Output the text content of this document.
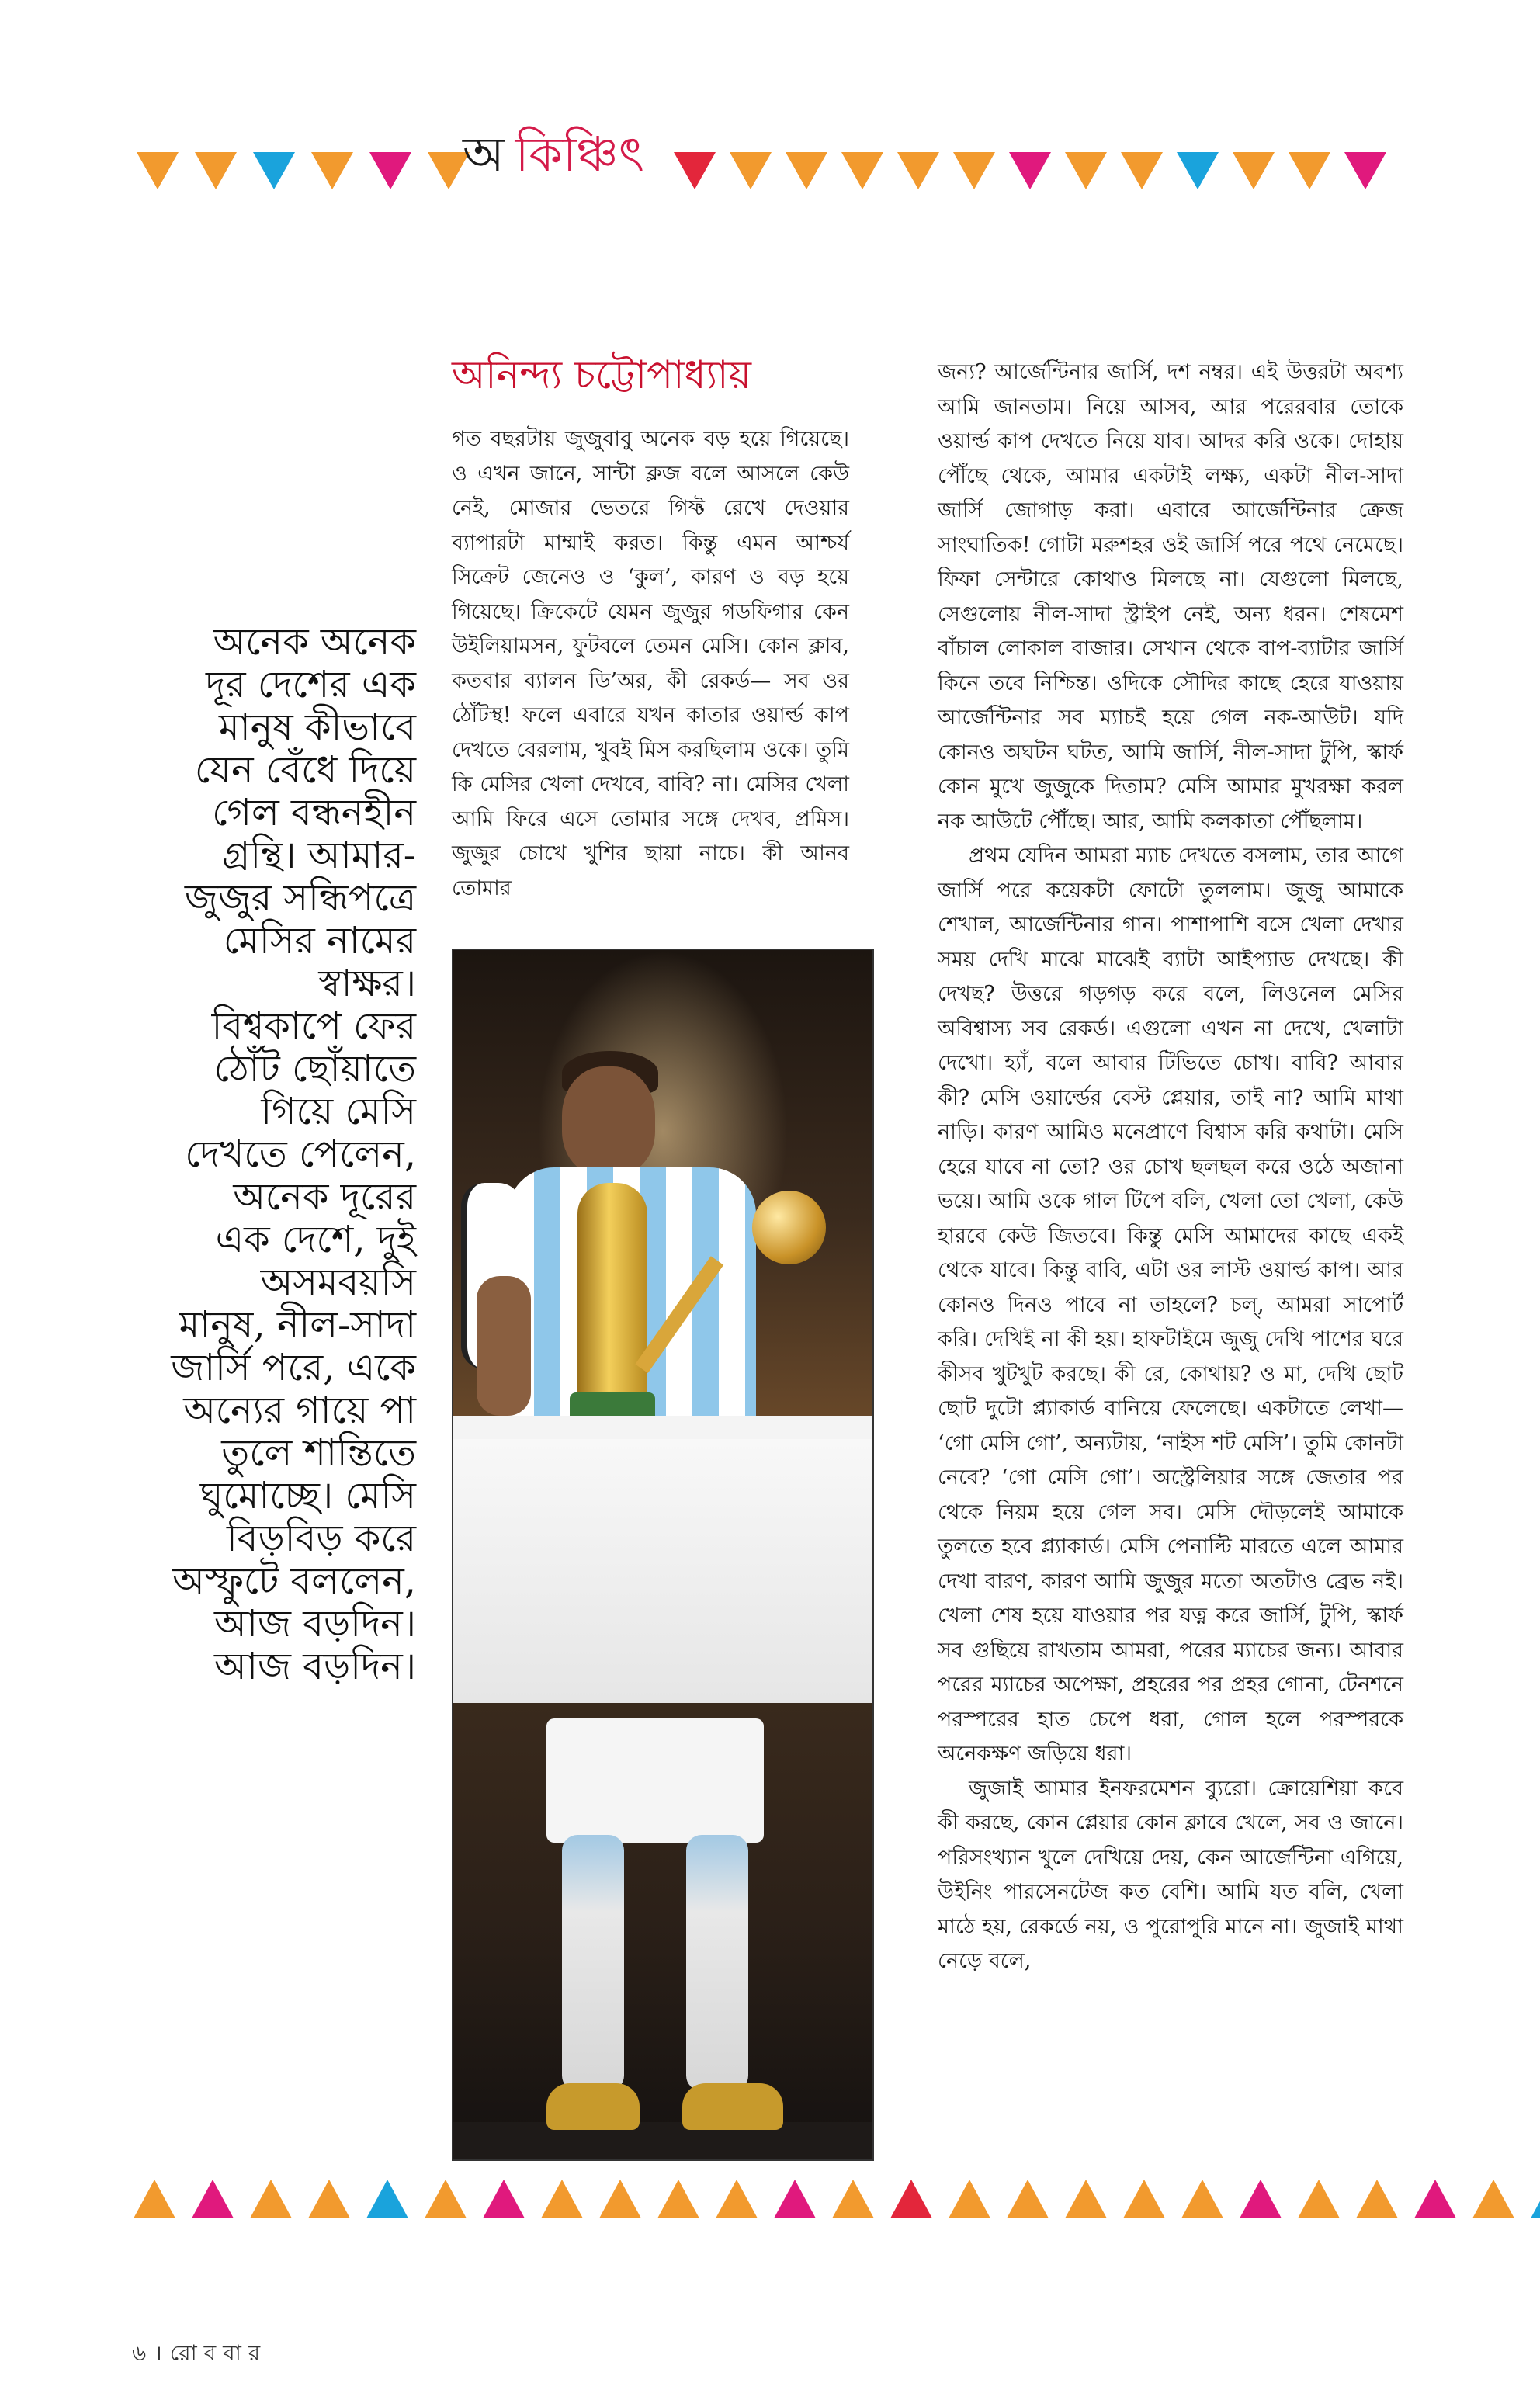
অ কিঞ্চিৎ
অনিন্দ্য চট্টোপাধ্যায়

অনেক অনেক

দূর দেশের এক

মানুষ কীভাবে

যেন বেঁধে দিয়ে

গেল বন্ধনহীন

গ্রন্থি। আমার-

জুজুর সন্ধিপত্রে

মেসির নামের

স্বাক্ষর।

বিশ্বকাপে ফের

ঠোঁট ছোঁয়াতে

গিয়ে মেসি

দেখতে পেলেন,

অনেক দূরের

এক দেশে, দুই

অসমবয়সি

মানুষ, নীল-সাদা

জার্সি পরে, একে

অন্যের গায়ে পা

তুলে শান্তিতে

ঘুমোচ্ছে। মেসি

বিড়বিড় করে

অস্ফুটে বললেন,

আজ বড়দিন।

আজ বড়দিন।

গত বছরটায় জুজুবাবু অনেক বড় হয়ে গিয়েছে। ও এখন জানে, সান্টা ক্লজ বলে আসলে কেউ নেই, মোজার ভেতরে গিফ্ট রেখে দেওয়ার ব্যাপারটা মাম্মাই করত। কিন্তু এমন আশ্চর্য সিক্রেট জেনেও ও ‘কুল’, কারণ ও বড় হয়ে গিয়েছে। ক্রিকেটে যেমন জুজুর গডফিগার কেন উইলিয়ামসন, ফুটবলে তেমন মেসি। কোন ক্লাব, কতবার ব্যালন ডি’অর, কী রেকর্ড— সব ওর ঠোঁটস্থ! ফলে এবারে যখন কাতার ওয়ার্ল্ড কাপ দেখতে বেরলাম, খুবই মিস করছিলাম ওকে। তুমি কি মেসির খেলা দেখবে, বাবি? না। মেসির খেলা আমি ফিরে এসে তোমার সঙ্গে দেখব, প্রমিস। জুজুর চোখে খুশির ছায়া নাচে। কী আনব তোমার

জন্য? আর্জেন্টিনার জার্সি, দশ নম্বর। এই উত্তরটা অবশ্য আমি জানতাম। নিয়ে আসব, আর পরেরবার তোকে ওয়ার্ল্ড কাপ দেখতে নিয়ে যাব। আদর করি ওকে। দোহায় পৌঁছে থেকে, আমার একটাই লক্ষ্য, একটা নীল-সাদা জার্সি জোগাড় করা। এবারে আর্জেন্টিনার ক্রেজ সাংঘাতিক! গোটা মরুশহর ওই জার্সি পরে পথে নেমেছে। ফিফা সেন্টারে কোথাও মিলছে না। যেগুলো মিলছে, সেগুলোয় নীল-সাদা স্ট্রাইপ নেই, অন্য ধরন। শেষমেশ বাঁচাল লোকাল বাজার। সেখান থেকে বাপ-ব্যাটার জার্সি কিনে তবে নিশ্চিন্ত। ওদিকে সৌদির কাছে হেরে যাওয়ায় আর্জেন্টিনার সব ম্যাচই হয়ে গেল নক-আউট। যদি কোনও অঘটন ঘটত, আমি জার্সি, নীল-সাদা টুপি, স্কার্ফ কোন মুখে জুজুকে দিতাম? মেসি আমার মুখরক্ষা করল নক আউটে পৌঁছে। আর, আমি কলকাতা পৌঁছলাম।

প্রথম যেদিন আমরা ম্যাচ দেখতে বসলাম, তার আগে জার্সি পরে কয়েকটা ফোটো তুললাম। জুজু আমাকে শেখাল, আর্জেন্টিনার গান। পাশাপাশি বসে খেলা দেখার সময় দেখি মাঝে মাঝেই ব্যাটা আইপ্যাড দেখছে। কী দেখছ? উত্তরে গড়গড় করে বলে, লিওনেল মেসির অবিশ্বাস্য সব রেকর্ড। এগুলো এখন না দেখে, খেলাটা দেখো। হ্যাঁ, বলে আবার টিভিতে চোখ। বাবি? আবার কী? মেসি ওয়ার্ল্ডের বেস্ট প্লেয়ার, তাই না? আমি মাথা নাড়ি। কারণ আমিও মনেপ্রাণে বিশ্বাস করি কথাটা। মেসি হেরে যাবে না তো? ওর চোখ ছলছল করে ওঠে অজানা ভয়ে। আমি ওকে গাল টিপে বলি, খেলা তো খেলা, কেউ হারবে কেউ জিতবে। কিন্তু মেসি আমাদের কাছে একই থেকে যাবে। কিন্তু বাবি, এটা ওর লাস্ট ওয়ার্ল্ড কাপ। আর কোনও দিনও পাবে না তাহলে? চল্, আমরা সাপোর্ট করি। দেখিই না কী হয়। হাফটাইমে জুজু দেখি পাশের ঘরে কীসব খুটখুট করছে। কী রে, কোথায়? ও মা, দেখি ছোট ছোট দুটো প্ল্যাকার্ড বানিয়ে ফেলেছে। একটাতে লেখা— ‘গো মেসি গো’, অন্যটায়, ‘নাইস শট মেসি’। তুমি কোনটা নেবে? ‘গো মেসি গো’। অস্ট্রেলিয়ার সঙ্গে জেতার পর থেকে নিয়ম হয়ে গেল সব। মেসি দৌড়লেই আমাকে তুলতে হবে প্ল্যাকার্ড। মেসি পেনাল্টি মারতে এলে আমার দেখা বারণ, কারণ আমি জুজুর মতো অতটাও ব্রেভ নই। খেলা শেষ হয়ে যাওয়ার পর যত্ন করে জার্সি, টুপি, স্কার্ফ সব গুছিয়ে রাখতাম আমরা, পরের ম্যাচের জন্য। আবার পরের ম্যাচের অপেক্ষা, প্রহরের পর প্রহর গোনা, টেনশনে পরস্পরের হাত চেপে ধরা, গোল হলে পরস্পরকে অনেকক্ষণ জড়িয়ে ধরা।

জুজাই আমার ইনফরমেশন ব্যুরো। ক্রোয়েশিয়া কবে কী করছে, কোন প্লেয়ার কোন ক্লাবে খেলে, সব ও জানে। পরিসংখ্যান খুলে দেখিয়ে দেয়, কেন আর্জেন্টিনা এগিয়ে, উইনিং পারসেনটেজ কত বেশি। আমি যত বলি, খেলা মাঠে হয়, রেকর্ডে নয়, ও পুরোপুরি মানে না। জুজাই মাথা নেড়ে বলে,

৬ । রো ব বা র
